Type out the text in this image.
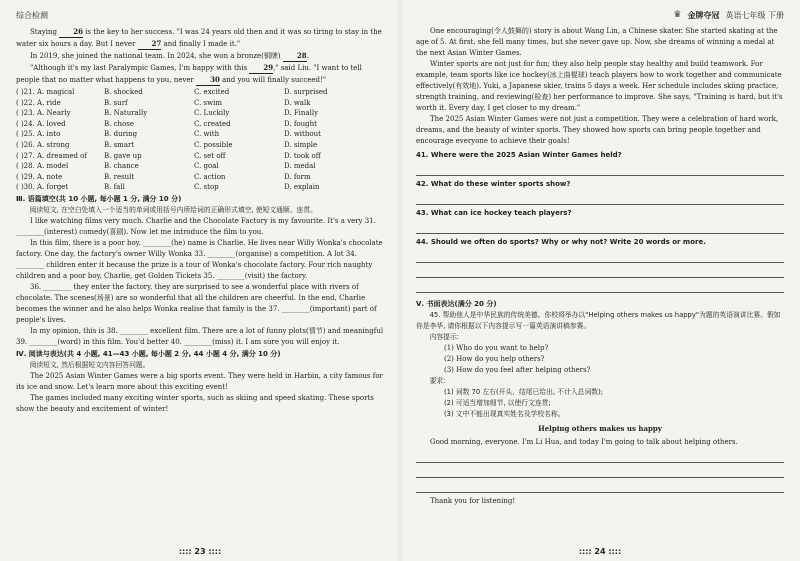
综合检测

Staying 26 is the key to her success. "I was 24 years old then and it was so tiring to stay in the water six hours a day. But I never 27 and finally I made it."

In 2019, she joined the national team. In 2024, she won a bronze(铜牌) 28.

"Although it's my last Paralympic Games, I'm happy with this 29," said Liu. "I want to tell people that no matter what happens to you, never 30 and you will finally succeed!"

( )21. A. magical	B. shocked	C. excited	D. surprised
( )22. A. ride	B. surf	C. swim	D. walk
( )23. A. Nearly	B. Naturally	C. Luckily	D. Finally
( )24. A. loved	B. chose	C. created	D. fought
( )25. A. into	B. during	C. with	D. without
( )26. A. strong	B. smart	C. possible	D. simple
( )27. A. dreamed of	B. gave up	C. set off	D. took off
( )28. A. model	B. chance	C. goal	D. medal
( )29. A. note	B. result	C. action	D. form
( )30. A. forget	B. fall	C. stop	D. explain
Ⅲ. 语篇填空(共 10 小题, 每小题 1 分, 满分 10 分)

阅读短文, 在空白处填入一个适当的单词或用括号内所给词的正确形式填空, 使短文通顺、连贯。

I like watching films very much. Charlie and the Chocolate Factory is my favourite. It's a very 31. ________(interest) comedy(喜剧). Now let me introduce the film to you.

In this film, there is a poor boy. ________(he) name is Charlie. He lives near Willy Wonka's chocolate factory. One day, the factory's owner Willy Wonka 33. ________(organise) a competition. A lot 34. ________ children enter it because the prize is a tour of Wonka's chocolate factory. Four rich naughty children and a poor boy, Charlie, get Golden Tickets 35. ________(visit) the factory.

36. ________ they enter the factory, they are surprised to see a wonderful place with rivers of chocolate. The scenes(场景) are so wonderful that all the children are cheerful. In the end, Charlie becomes the winner and he also helps Wonka realise that family is the 37. ________(important) part of people's lives.

In my opinion, this is 38. ________ excellent film. There are a lot of funny plots(情节) and meaningful 39. ________(word) in this film. You'd better 40. ________(miss) it. I am sure you will enjoy it.

Ⅳ. 阅读与表达(共 4 小题, 41—43 小题, 每小题 2 分, 44 小题 4 分, 满分 10 分)

阅读短文, 然后根据短文内容回答问题。

The 2025 Asian Winter Games were a big sports event. They were held in Harbin, a city famous for its ice and snow. Let's learn more about this exciting event!

The games included many exciting winter sports, such as skiing and speed skating. These sports show the beauty and excitement of winter!

:::: 23 ::::
♛ 金牌夺冠 英语七年级 下册

One encouraging(令人鼓舞的) story is about Wang Lin, a Chinese skater. She started skating at the age of 5. At first, she fell many times, but she never gave up. Now, she dreams of winning a medal at the next Asian Winter Games.

Winter sports are not just for fun; they also help people stay healthy and build teamwork. For example, team sports like ice hockey(冰上曲棍球) teach players how to work together and communicate effectively(有效地). Yuki, a Japanese skier, trains 5 days a week. Her schedule includes skiing practice, strength training, and reviewing(检查) her performance to improve. She says, "Training is hard, but it's worth it. Every day, I get closer to my dream."

The 2025 Asian Winter Games were not just a competition. They were a celebration of hard work, dreams, and the beauty of winter sports. They showed how sports can bring people together and encourage everyone to achieve their goals!

41. Where were the 2025 Asian Winter Games held?
42. What do these winter sports show?
43. What can ice hockey teach players?
44. Should we often do sports? Why or why not? Write 20 words or more.
Ⅴ. 书面表达(满分 20 分)

45. 帮助他人是中华民族的传统美德。你校将举办以"Helping others makes us happy"为题的英语演讲比赛。假如你是李华, 请你根据以下内容提示写一篇英语演讲稿参赛。

内容提示:

(1) Who do you want to help?

(2) How do you help others?

(3) How do you feel after helping others?

要求:

(1) 词数 70 左右(开头、结尾已给出, 不计入总词数);

(2) 可适当增加细节, 以使行文连贯;

(3) 文中不能出现真实姓名及学校名称。

Helping others makes us happy

Good morning, everyone. I'm Li Hua, and today I'm going to talk about helping others.

Thank you for listening!

:::: 24 ::::
